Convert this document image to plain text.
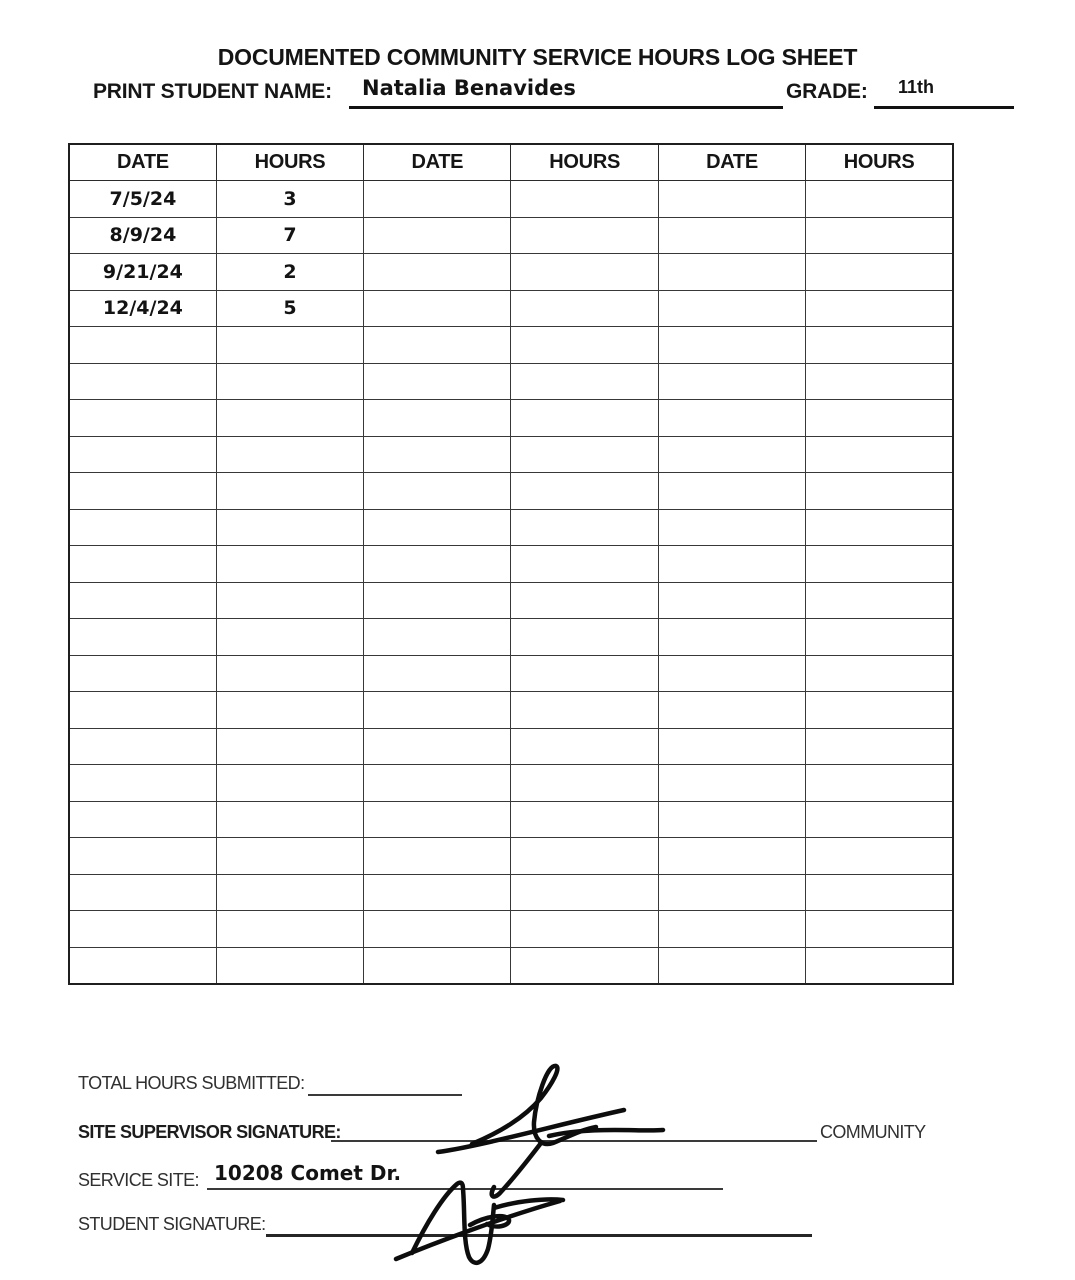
DOCUMENTED COMMUNITY SERVICE HOURS LOG SHEET
PRINT STUDENT NAME: Natalia Benavides	GRADE: 11th
DATE	HOURS	DATE	HOURS	DATE	HOURS
7/5/24	3				
8/9/24	7				
9/21/24	2				
12/4/24	5				

TOTAL HOURS SUBMITTED:
SITE SUPERVISOR SIGNATURE:	COMMUNITY
SERVICE SITE: 10208 Comet Dr.
STUDENT SIGNATURE:
